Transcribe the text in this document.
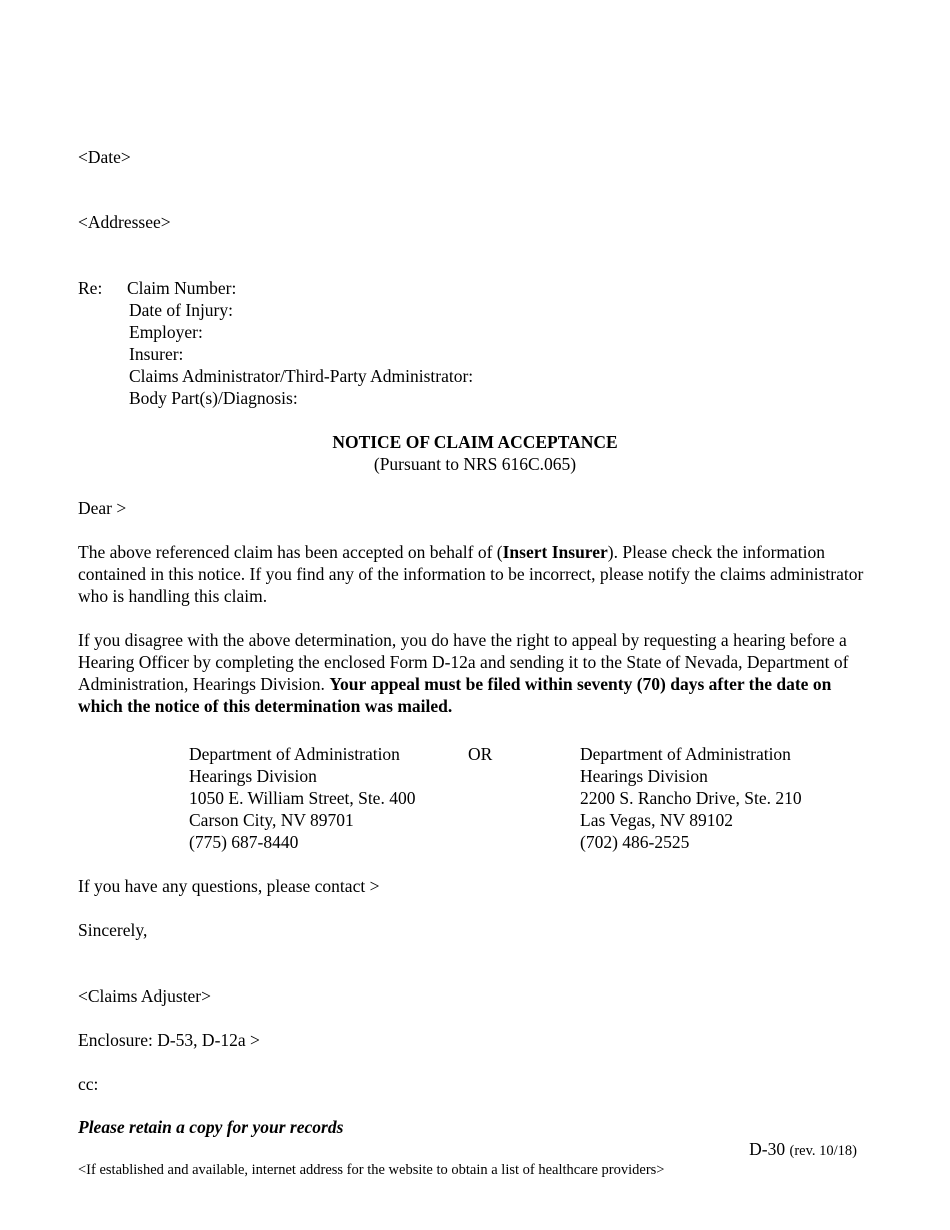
<Date>
<Addressee>
Re: Claim Number:
Date of Injury:
Employer:
Insurer:
Claims Administrator/Third-Party Administrator:
Body Part(s)/Diagnosis:
NOTICE OF CLAIM ACCEPTANCE
(Pursuant to NRS 616C.065)
Dear >
The above referenced claim has been accepted on behalf of (Insert Insurer). Please check the information contained in this notice. If you find any of the information to be incorrect, please notify the claims administrator who is handling this claim.
If you disagree with the above determination, you do have the right to appeal by requesting a hearing before a Hearing Officer by completing the enclosed Form D-12a and sending it to the State of Nevada, Department of Administration, Hearings Division. Your appeal must be filed within seventy (70) days after the date on which the notice of this determination was mailed.
Department of Administration
Hearings Division
1050 E. William Street, Ste. 400
Carson City, NV 89701
(775) 687-8440
OR	Department of Administration
Hearings Division
2200 S. Rancho Drive, Ste. 210
Las Vegas, NV 89102
(702) 486-2525
If you have any questions, please contact >
Sincerely,
<Claims Adjuster>
Enclosure: D-53, D-12a >
cc:
Please retain a copy for your records
D-30 (rev. 10/18)
<If established and available, internet address for the website to obtain a list of healthcare providers>
